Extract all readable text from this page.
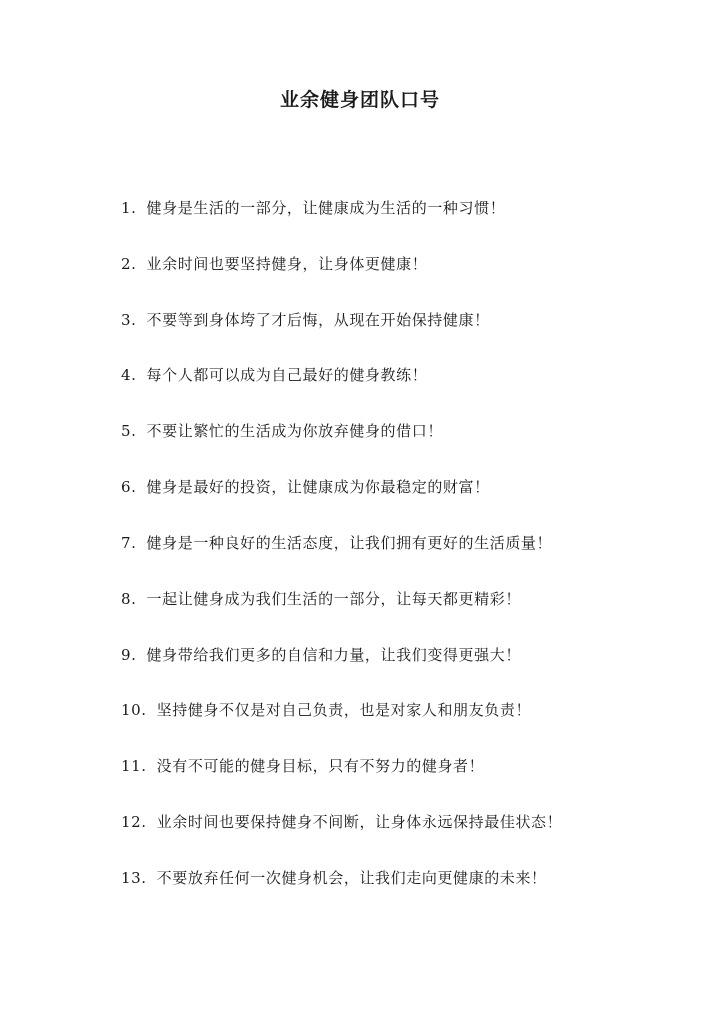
业余健身团队口号
1. 健身是生活的一部分，让健康成为生活的一种习惯！
2. 业余时间也要坚持健身，让身体更健康！
3. 不要等到身体垮了才后悔，从现在开始保持健康！
4. 每个人都可以成为自己最好的健身教练！
5. 不要让繁忙的生活成为你放弃健身的借口！
6. 健身是最好的投资，让健康成为你最稳定的财富！
7. 健身是一种良好的生活态度，让我们拥有更好的生活质量！
8. 一起让健身成为我们生活的一部分，让每天都更精彩！
9. 健身带给我们更多的自信和力量，让我们变得更强大！
10. 坚持健身不仅是对自己负责，也是对家人和朋友负责！
11. 没有不可能的健身目标，只有不努力的健身者！
12. 业余时间也要保持健身不间断，让身体永远保持最佳状态！
13. 不要放弃任何一次健身机会，让我们走向更健康的未来！
